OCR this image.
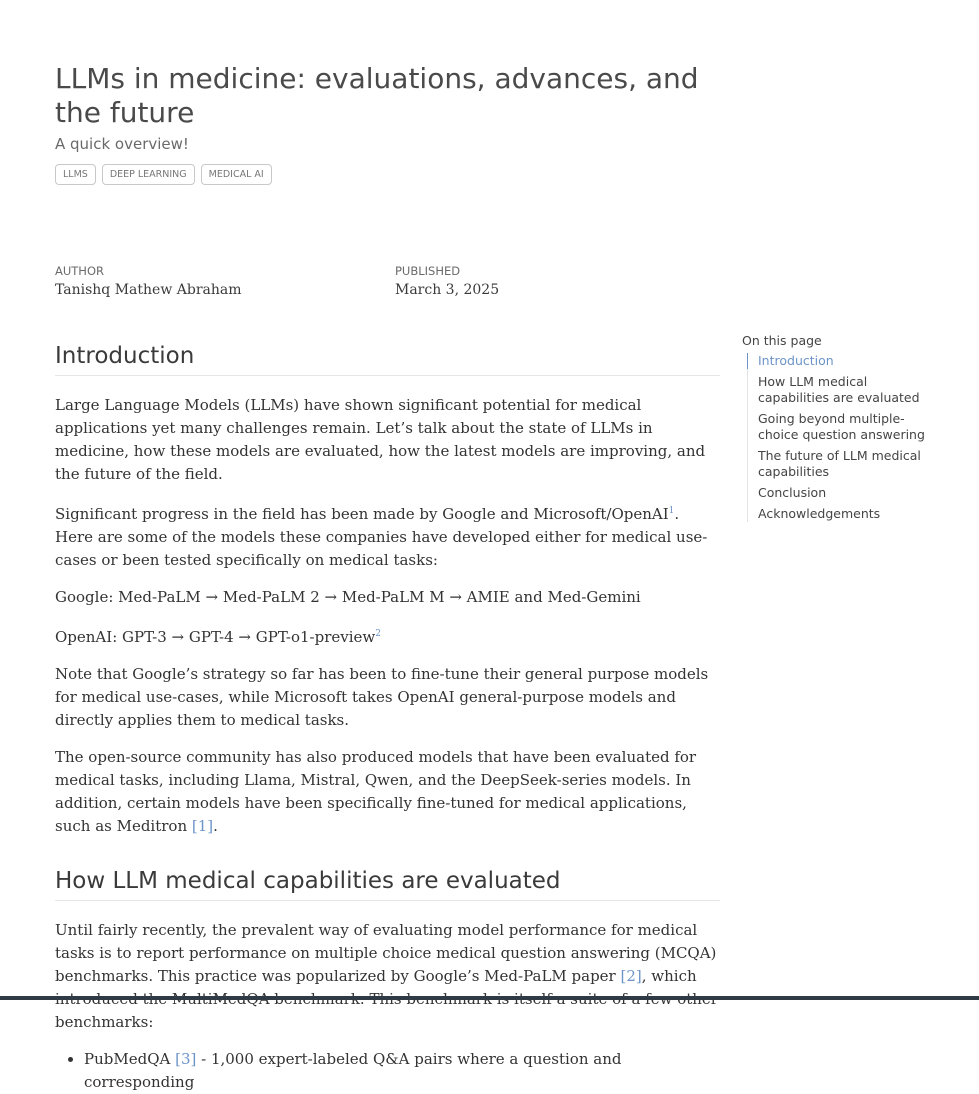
LLMs in medicine: evaluations, advances, and the future

A quick overview!

LLMS	DEEP LEARNING	MEDICAL AI
AUTHOR
Tanishq Mathew Abraham
PUBLISHED
March 3, 2025
Introduction

Large Language Models (LLMs) have shown significant potential for medical applications yet many challenges remain. Let’s talk about the state of LLMs in medicine, how these models are evaluated, how the latest models are improving, and the future of the field.

Significant progress in the field has been made by Google and Microsoft/OpenAI$^1$. Here are some of the models these companies have developed either for medical use-cases or been tested specifically on medical tasks:

Google: Med-PaLM → Med-PaLM 2 → Med-PaLM M → AMIE and Med-Gemini

OpenAI: GPT-3 → GPT-4 → GPT-o1-preview$^2$

Note that Google’s strategy so far has been to fine-tune their general purpose models for medical use-cases, while Microsoft takes OpenAI general-purpose models and directly applies them to medical tasks.

The open-source community has also produced models that have been evaluated for medical tasks, including Llama, Mistral, Qwen, and the DeepSeek-series models. In addition, certain models have been specifically fine-tuned for medical applications, such as Meditron [1].

How LLM medical capabilities are evaluated

Until fairly recently, the prevalent way of evaluating model performance for medical tasks is to report performance on multiple choice medical question answering (MCQA) benchmarks. This practice was popularized by Google’s Med-PaLM paper [2], which benchmarks:

• PubMedQA [3] - 1,000 expert-labeled Q&A pairs where a question and corresponding
On this page
Introduction
How LLM medical capabilities are evaluated
Going beyond multiple-choice question answering
The future of LLM medical capabilities
Conclusion
Acknowledgements
